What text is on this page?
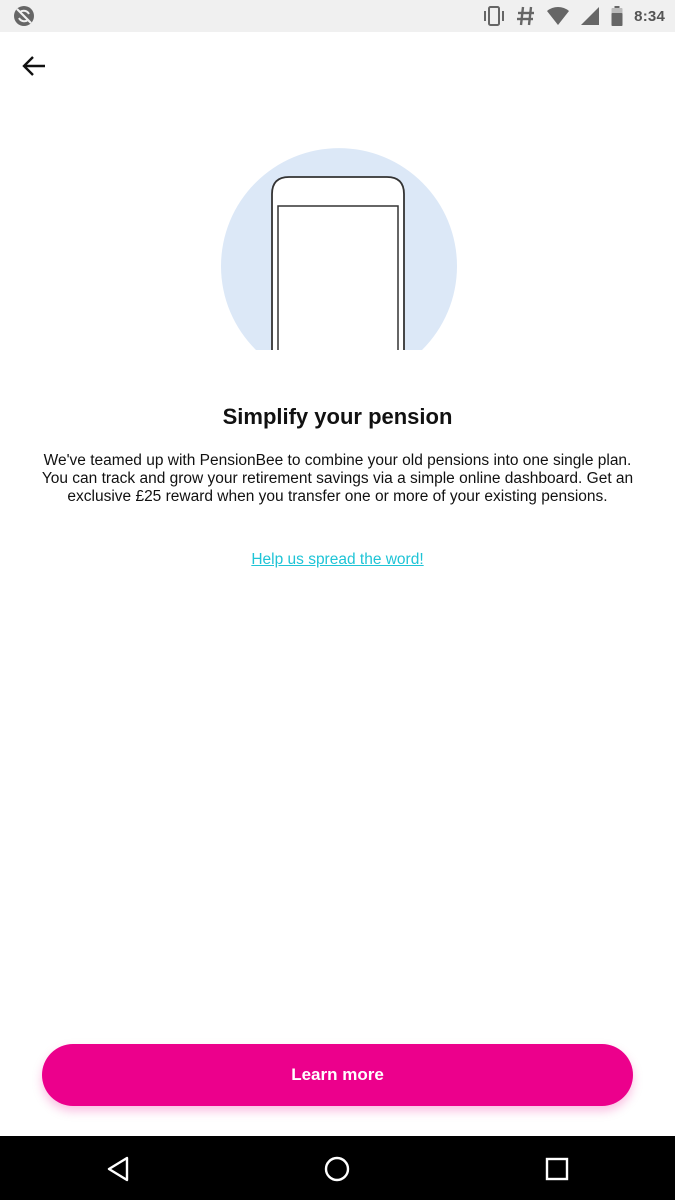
8:34
Simplify your pension

We've teamed up with PensionBee to combine your old pensions into one single plan. You can track and grow your retirement savings via a simple online dashboard. Get an exclusive £25 reward when you transfer one or more of your existing pensions.

Help us spread the word!
Learn more
